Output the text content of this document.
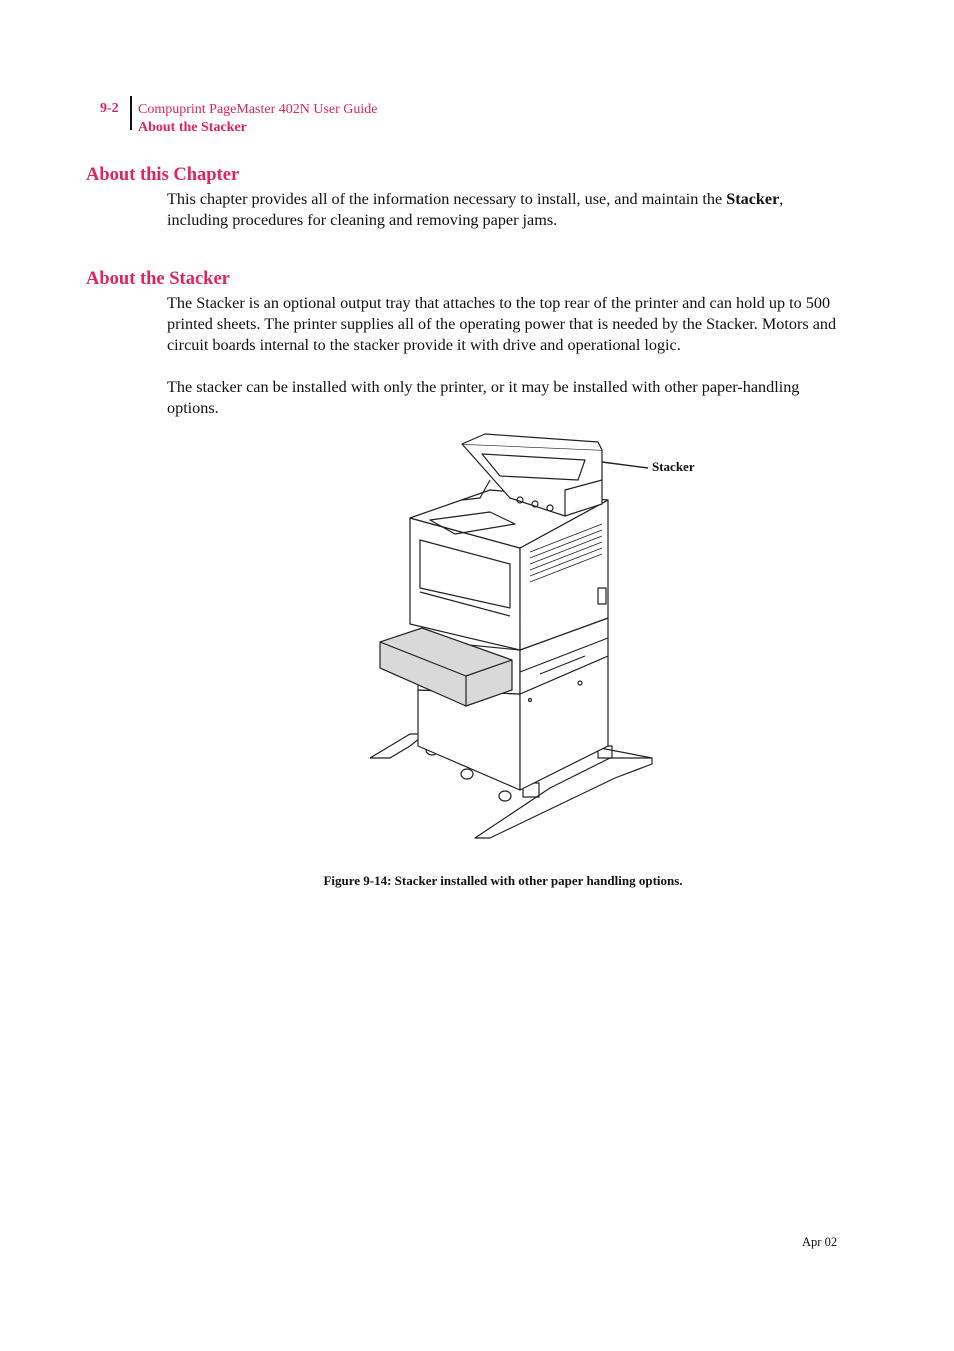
9-2 Compuprint PageMaster 402N User Guide
About the Stacker
About this Chapter

This chapter provides all of the information necessary to install, use, and maintain the Stacker, including procedures for cleaning and removing paper jams.

About the Stacker

The Stacker is an optional output tray that attaches to the top rear of the printer and can hold up to 500 printed sheets. The printer supplies all of the operating power that is needed by the Stacker. Motors and circuit boards internal to the stacker provide it with drive and operational logic.

The stacker can be installed with only the printer, or it may be installed with other paper-handling options.

Stacker
Figure 9-14: Stacker installed with other paper handling options.
Apr 02
